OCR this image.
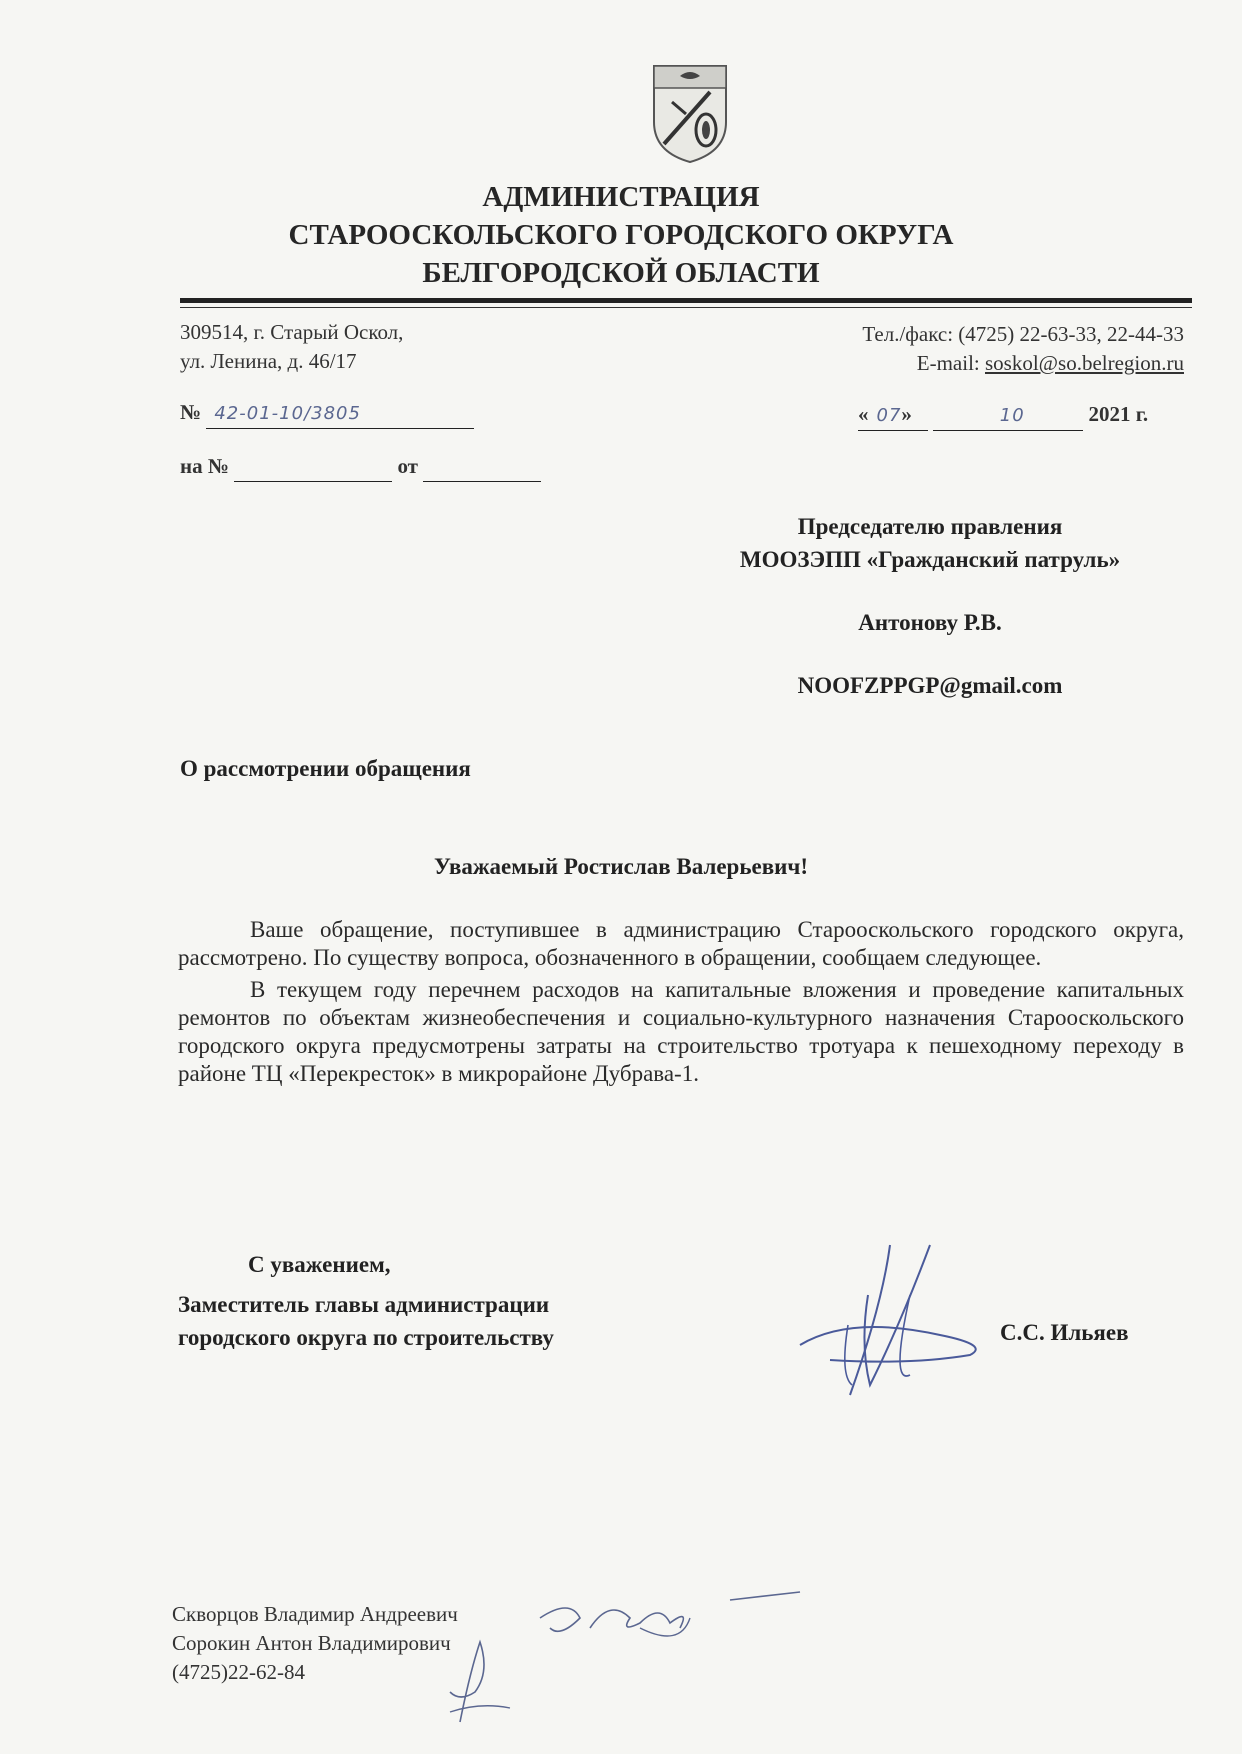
АДМИНИСТРАЦИЯ
СТАРООСКОЛЬСКОГО ГОРОДСКОГО ОКРУГА
БЕЛГОРОДСКОЙ ОБЛАСТИ
309514, г. Старый Оскол,
ул. Ленина, д. 46/17
Тел./факс: (4725) 22-63-33, 22-44-33
E-mail: soskol@so.belregion.ru
№ 42-01-10/3805	« 07»	10	2021 г.
на №	от
Председателю правления
МООЗЭПП «Гражданский патруль»
Антонову Р.В.
NOOFZPPGP@gmail.com
О рассмотрении обращения
Уважаемый Ростислав Валерьевич!

Ваше обращение, поступившее в администрацию Старооскольского городского округа, рассмотрено. По существу вопроса, обозначенного в обращении, сообщаем следующее.

В текущем году перечнем расходов на капитальные вложения и проведение капитальных ремонтов по объектам жизнеобеспечения и социально-культурного назначения Старооскольского городского округа предусмотрены затраты на строительство тротуара к пешеходному переходу в районе ТЦ «Перекресток» в микрорайоне Дубрава-1.

С уважением,
Заместитель главы администрации
городского округа по строительству	С.С. Ильяев
Скворцов Владимир Андреевич
Сорокин Антон Владимирович
(4725)22-62-84
